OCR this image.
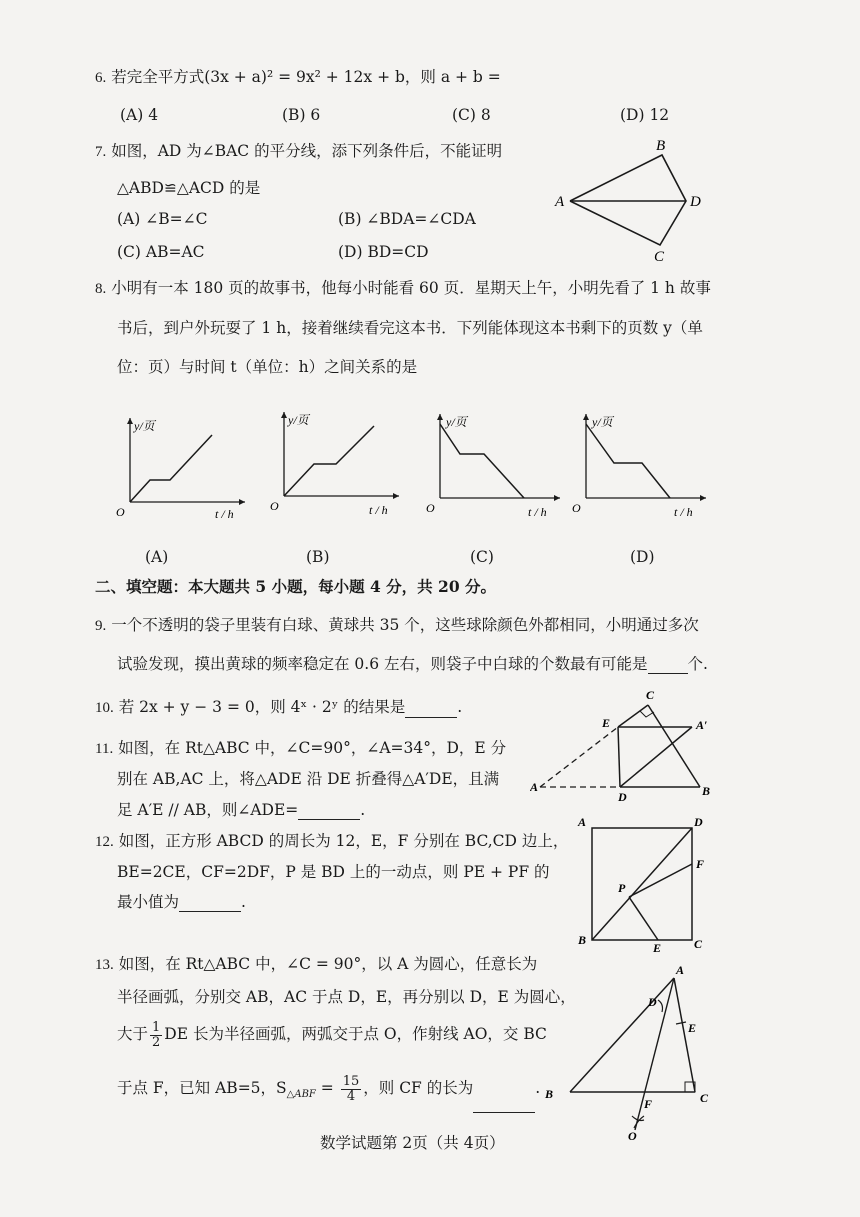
6. 若完全平方式(3x + a)² = 9x² + 12x + b，则 a + b =
(A) 4	(B) 6	(C) 8	(D) 12
7. 如图，AD 为∠BAC 的平分线，添下列条件后，不能证明
△ABD≌△ACD 的是
(A) ∠B=∠C	(B) ∠BDA=∠CDA
(C) AB=AC	(D) BD=CD
A
B
C
D
8. 小明有一本 180 页的故事书，他每小时能看 60 页．星期天上午，小明先看了 1 h 故事
书后，到户外玩耍了 1 h，接着继续看完这本书．下列能体现这本书剩下的页数 y（单
位：页）与时间 t（单位：h）之间关系的是
y/页
O	t / h
y/页
O	t / h
y/页
O	t / h
y/页
O	t / h
(A)	(B)	(C)	(D)
二、填空题：本大题共 5 小题，每小题 4 分，共 20 分。
9. 一个不透明的袋子里装有白球、黄球共 35 个，这些球除颜色外都相同，小明通过多次
试验发现，摸出黄球的频率稳定在 0.6 左右，则袋子中白球的个数最有可能是	个.
10. 若 2x + y − 3 = 0，则 4ˣ · 2ʸ 的结果是	.
11. 如图，在 Rt△ABC 中，∠C=90°，∠A=34°，D，E 分
别在 AB,AC 上，将△ADE 沿 DE 折叠得△A′DE，且满
足 A′E // AB，则∠ADE=	.
C
E	A′
A
D	B
12. 如图，正方形 ABCD 的周长为 12，E，F 分别在 BC,CD 边上，
BE=2CE，CF=2DF，P 是 BD 上的一动点，则 PE + PF 的
最小值为	.
A	D
F
P
B
E	C
13. 如图，在 Rt△ABC 中，∠C = 90°，以 A 为圆心，任意长为
半径画弧，分别交 AB，AC 于点 D，E，再分别以 D，E 为圆心，
大于 $\frac{1}{2}$ DE 长为半径画弧，两弧交于点 O，作射线 AO，交 BC
于点 F，已知 AB=5，$S_{\triangle ABF} = \frac{15}{4}$ ，则 CF 的长为	.
A
D
E
B
F	C
O
数学试题第 2页（共 4页）
